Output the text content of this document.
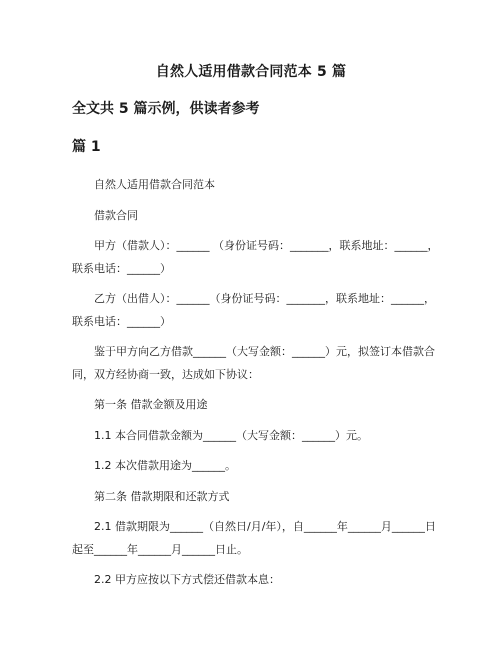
自然人适用借款合同范本 5 篇
全文共 5 篇示例，供读者参考
篇 1

自然人适用借款合同范本

借款合同

甲方（借款人）：______ （身份证号码：_______，联系地址：______，联系电话：______）

乙方（出借人）：______（身份证号码：_______，联系地址：______，联系电话：______）

鉴于甲方向乙方借款______（大写金额：______）元，拟签订本借款合同，双方经协商一致，达成如下协议：

第一条 借款金额及用途

1.1 本合同借款金额为______（大写金额：______）元。

1.2 本次借款用途为______。

第二条 借款期限和还款方式

2.1 借款期限为______（自然日/月/年），自______年______月______日起至______年______月______日止。

2.2 甲方应按以下方式偿还借款本息：
